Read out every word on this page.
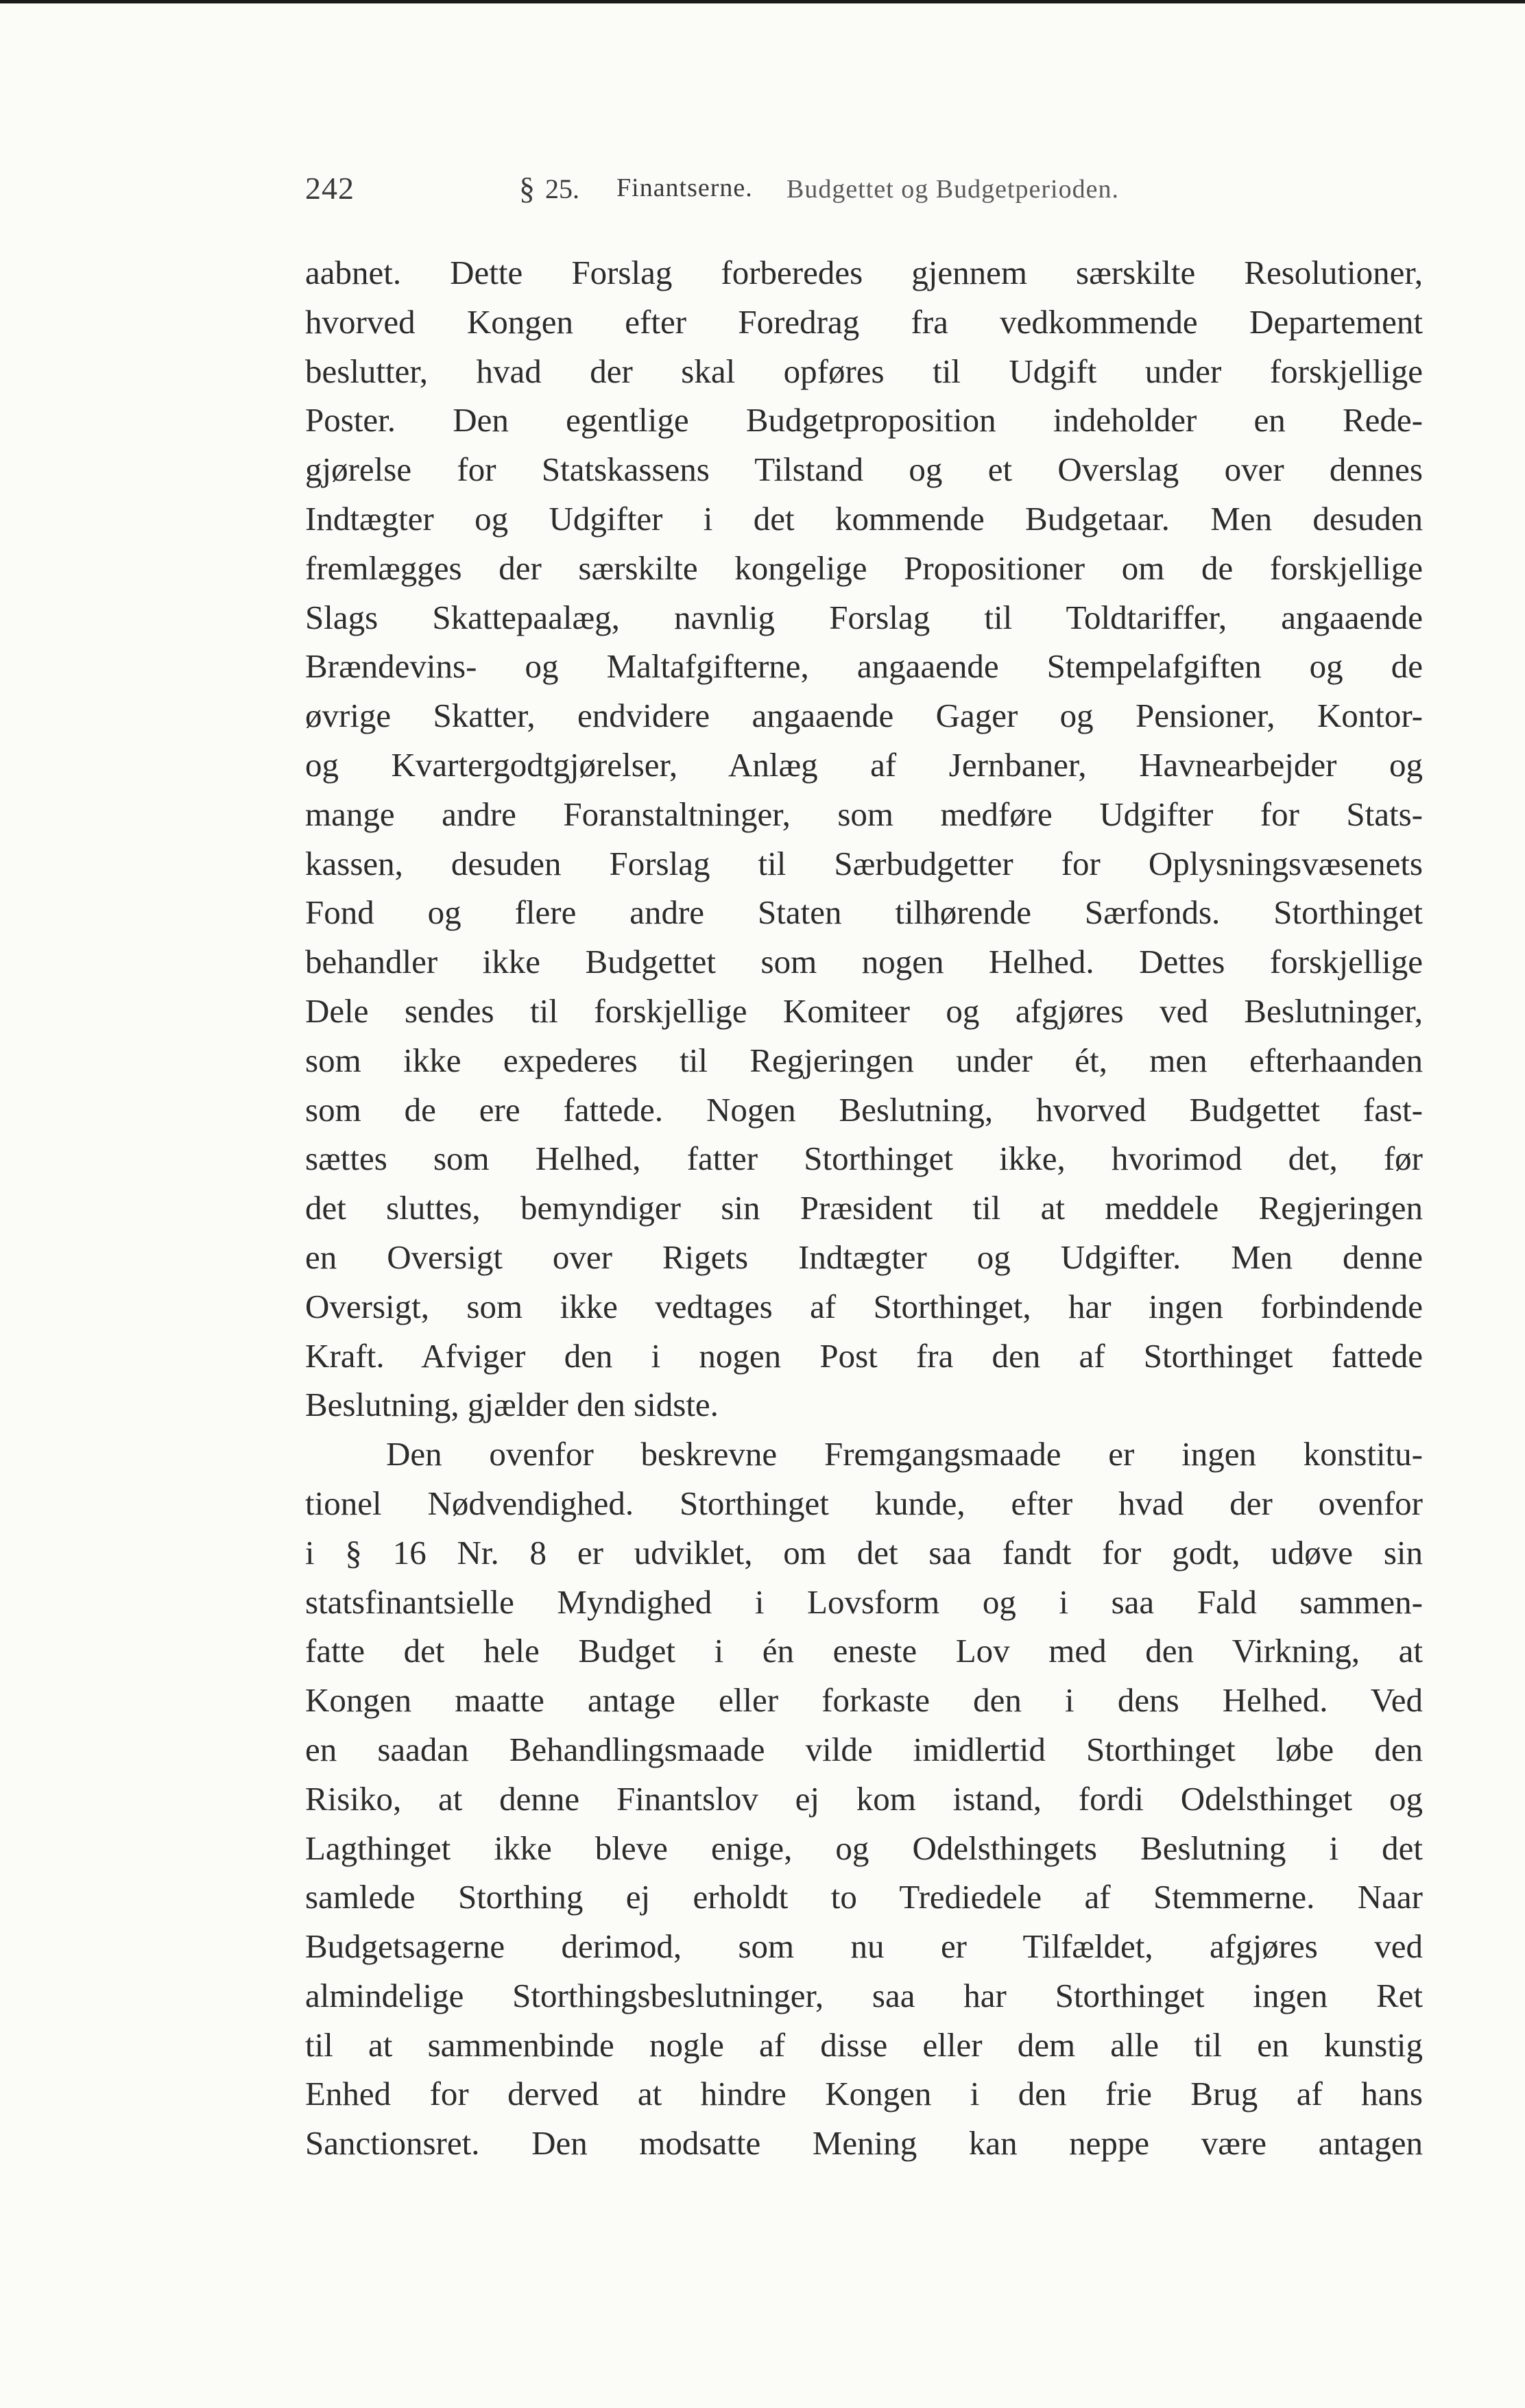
242	§ 25. Finantserne. Budgettet og Budgetperioden.
aabnet. Dette Forslag forberedes gjennem særskilte Resolutioner,
hvorved Kongen efter Foredrag fra vedkommende Departement
beslutter, hvad der skal opføres til Udgift under forskjellige
Poster. Den egentlige Budgetproposition indeholder en Rede-
gjørelse for Statskassens Tilstand og et Overslag over dennes
Indtægter og Udgifter i det kommende Budgetaar. Men desuden
fremlægges der særskilte kongelige Propositioner om de forskjellige
Slags Skattepaalæg, navnlig Forslag til Toldtariffer, angaaende
Brændevins- og Maltafgifterne, angaaende Stempelafgiften og de
øvrige Skatter, endvidere angaaende Gager og Pensioner, Kontor-
og Kvartergodtgjørelser, Anlæg af Jernbaner, Havnearbejder og
mange andre Foranstaltninger, som medføre Udgifter for Stats-
kassen, desuden Forslag til Særbudgetter for Oplysningsvæsenets
Fond og flere andre Staten tilhørende Særfonds. Storthinget
behandler ikke Budgettet som nogen Helhed. Dettes forskjellige
Dele sendes til forskjellige Komiteer og afgjøres ved Beslutninger,
som ikke expederes til Regjeringen under ét, men efterhaanden
som de ere fattede. Nogen Beslutning, hvorved Budgettet fast-
sættes som Helhed, fatter Storthinget ikke, hvorimod det, før
det sluttes, bemyndiger sin Præsident til at meddele Regjeringen
en Oversigt over Rigets Indtægter og Udgifter. Men denne
Oversigt, som ikke vedtages af Storthinget, har ingen forbindende
Kraft. Afviger den i nogen Post fra den af Storthinget fattede
Beslutning, gjælder den sidste.
Den ovenfor beskrevne Fremgangsmaade er ingen konstitu-
tionel Nødvendighed. Storthinget kunde, efter hvad der ovenfor
i § 16 Nr. 8 er udviklet, om det saa fandt for godt, udøve sin
statsfinantsielle Myndighed i Lovsform og i saa Fald sammen-
fatte det hele Budget i én eneste Lov med den Virkning, at
Kongen maatte antage eller forkaste den i dens Helhed. Ved
en saadan Behandlingsmaade vilde imidlertid Storthinget løbe den
Risiko, at denne Finantslov ej kom istand, fordi Odelsthinget og
Lagthinget ikke bleve enige, og Odelsthingets Beslutning i det
samlede Storthing ej erholdt to Trediedele af Stemmerne. Naar
Budgetsagerne derimod, som nu er Tilfældet, afgjøres ved
almindelige Storthingsbeslutninger, saa har Storthinget ingen Ret
til at sammenbinde nogle af disse eller dem alle til en kunstig
Enhed for derved at hindre Kongen i den frie Brug af hans
Sanctionsret. Den modsatte Mening kan neppe være antagen
